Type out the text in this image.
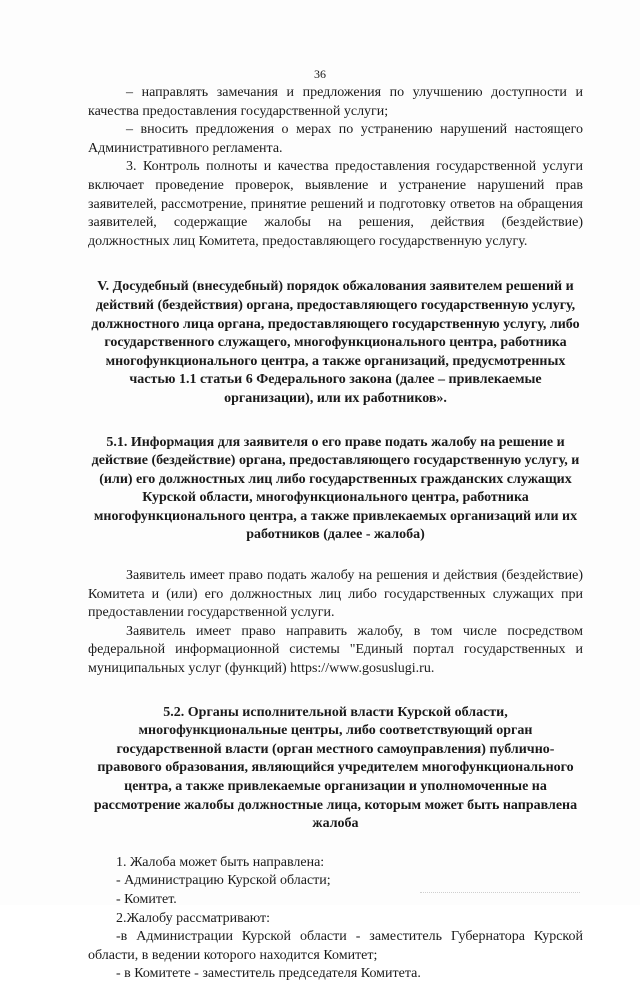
36

– направлять замечания и предложения по улучшению доступности и качества предоставления государственной услуги;

– вносить предложения о мерах по устранению нарушений настоящего Административного регламента.

3. Контроль полноты и качества предоставления государственной услуги включает проведение проверок, выявление и устранение нарушений прав заявителей, рассмотрение, принятие решений и подготовку ответов на обращения заявителей, содержащие жалобы на решения, действия (бездействие) должностных лиц Комитета, предоставляющего государственную услугу.

V. Досудебный (внесудебный) порядок обжалования заявителем решений и действий (бездействия) органа, предоставляющего государственную услугу, должностного лица органа, предоставляющего государственную услугу, либо государственного служащего, многофункционального центра, работника многофункционального центра, а также организаций, предусмотренных частью 1.1 статьи 6 Федерального закона (далее – привлекаемые организации), или их работников».

5.1. Информация для заявителя о его праве подать жалобу на решение и действие (бездействие) органа, предоставляющего государственную услугу, и (или) его должностных лиц либо государственных гражданских служащих Курской области, многофункционального центра, работника многофункционального центра, а также привлекаемых организаций или их работников (далее - жалоба)

Заявитель имеет право подать жалобу на решения и действия (бездействие) Комитета и (или) его должностных лиц либо государственных служащих при предоставлении государственной услуги.

Заявитель имеет право направить жалобу, в том числе посредством федеральной информационной системы "Единый портал государственных и муниципальных услуг (функций) https://www.gosuslugi.ru.

5.2. Органы исполнительной власти Курской области, многофункциональные центры, либо соответствующий орган государственной власти (орган местного самоуправления) публично-правового образования, являющийся учредителем многофункционального центра, а также привлекаемые организации и уполномоченные на рассмотрение жалобы должностные лица, которым может быть направлена жалоба

1. Жалоба может быть направлена:

- Администрацию Курской области;

- Комитет.

2.Жалобу рассматривают:

-в Администрации Курской области - заместитель Губернатора Курской области, в ведении которого находится Комитет;

- в Комитете - заместитель председателя Комитета.
